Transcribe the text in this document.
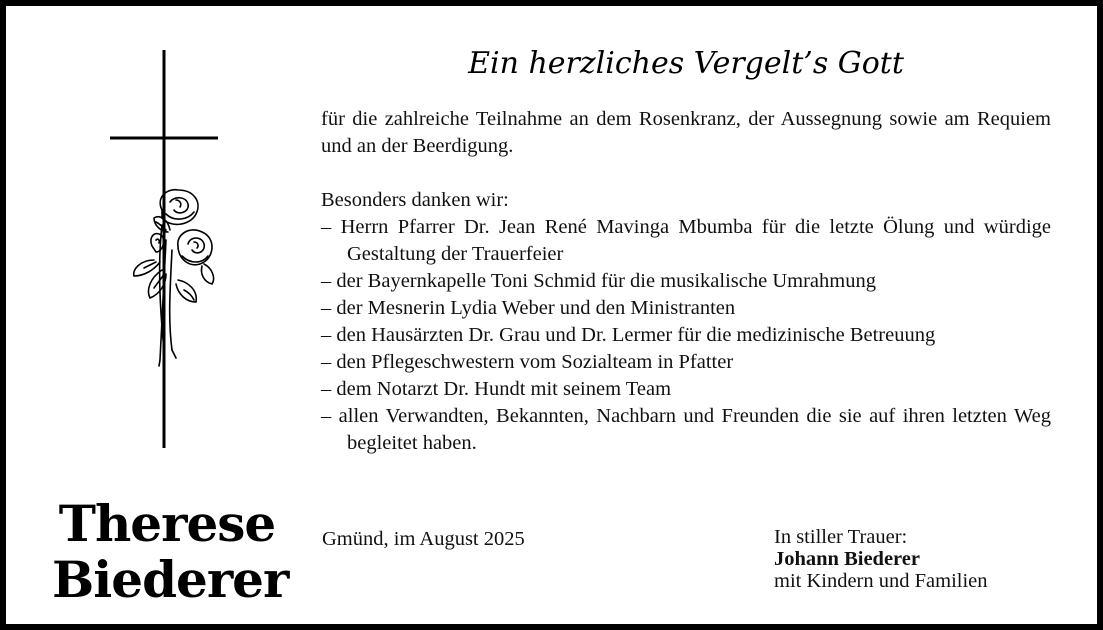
Therese
Biederer
Ein herzliches Vergelt’s Gott

für die zahlreiche Teilnahme an dem Rosenkranz, der Aussegnung sowie am Requiem und an der Beerdigung.

Besonders danken wir:

– Herrn Pfarrer Dr. Jean René Mavinga Mbumba für die letzte Ölung und würdige Gestaltung der Trauerfeier

– der Bayernkapelle Toni Schmid für die musikalische Umrahmung

– der Mesnerin Lydia Weber und den Ministranten

– den Hausärzten Dr. Grau und Dr. Lermer für die medizinische Betreuung

– den Pflegeschwestern vom Sozialteam in Pfatter

– dem Notarzt Dr. Hundt mit seinem Team

– allen Verwandten, Bekannten, Nachbarn und Freunden die sie auf ihren letzten Weg begleitet haben.

Gmünd, im August 2025	In stiller Trauer:
Johann Biederer
mit Kindern und Familien
